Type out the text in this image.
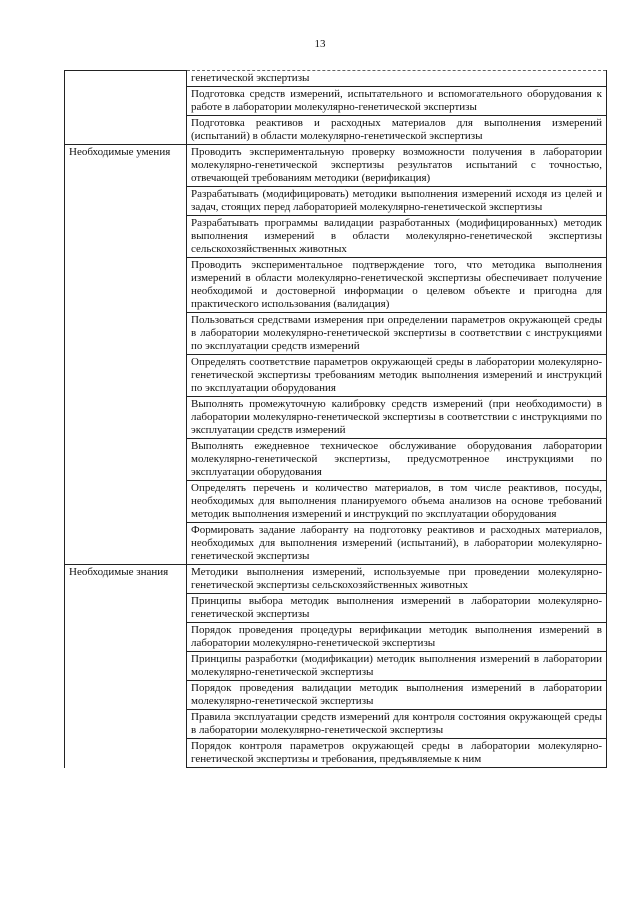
13

	генетической экспертизы

	Подготовка средств измерений, испытательного и вспомогательного оборудования к работе в лаборатории молекулярно-генетической экспертизы

	Подготовка реактивов и расходных материалов для выполнения измерений (испытаний) в области молекулярно-генетической экспертизы

Необходимые умения	Проводить экспериментальную проверку возможности получения в лаборатории молекулярно-генетической экспертизы результатов испытаний с точностью, отвечающей требованиям методики (верификация)

	Разрабатывать (модифицировать) методики выполнения измерений исходя из целей и задач, стоящих перед лабораторией молекулярно-генетической экспертизы

	Разрабатывать программы валидации разработанных (модифицированных) методик выполнения измерений в области молекулярно-генетической экспертизы сельскохозяйственных животных

	Проводить экспериментальное подтверждение того, что методика выполнения измерений в области молекулярно-генетической экспертизы обеспечивает получение необходимой и достоверной информации о целевом объекте и пригодна для практического использования (валидация)

	Пользоваться средствами измерения при определении параметров окружающей среды в лаборатории молекулярно-генетической экспертизы в соответствии с инструкциями по эксплуатации средств измерений

	Определять соответствие параметров окружающей среды в лаборатории молекулярно-генетической экспертизы требованиям методик выполнения измерений и инструкций по эксплуатации оборудования

	Выполнять промежуточную калибровку средств измерений (при необходимости) в лаборатории молекулярно-генетической экспертизы в соответствии с инструкциями по эксплуатации средств измерений

	Выполнять ежедневное техническое обслуживание оборудования лаборатории молекулярно-генетической экспертизы, предусмотренное инструкциями по эксплуатации оборудования

	Определять перечень и количество материалов, в том числе реактивов, посуды, необходимых для выполнения планируемого объема анализов на основе требований методик выполнения измерений и инструкций по эксплуатации оборудования

	Формировать задание лаборанту на подготовку реактивов и расходных материалов, необходимых для выполнения измерений (испытаний), в лаборатории молекулярно-генетической экспертизы

Необходимые знания	Методики выполнения измерений, используемые при проведении молекулярно-генетической экспертизы сельскохозяйственных животных

	Принципы выбора методик выполнения измерений в лаборатории молекулярно-генетической экспертизы

	Порядок проведения процедуры верификации методик выполнения измерений в лаборатории молекулярно-генетической экспертизы

	Принципы разработки (модификации) методик выполнения измерений в лаборатории молекулярно-генетической экспертизы

	Порядок проведения валидации методик выполнения измерений в лаборатории молекулярно-генетической экспертизы

	Правила эксплуатации средств измерений для контроля состояния окружающей среды в лаборатории молекулярно-генетической экспертизы

	Порядок контроля параметров окружающей среды в лаборатории молекулярно-генетической экспертизы и требования, предъявляемые к ним
